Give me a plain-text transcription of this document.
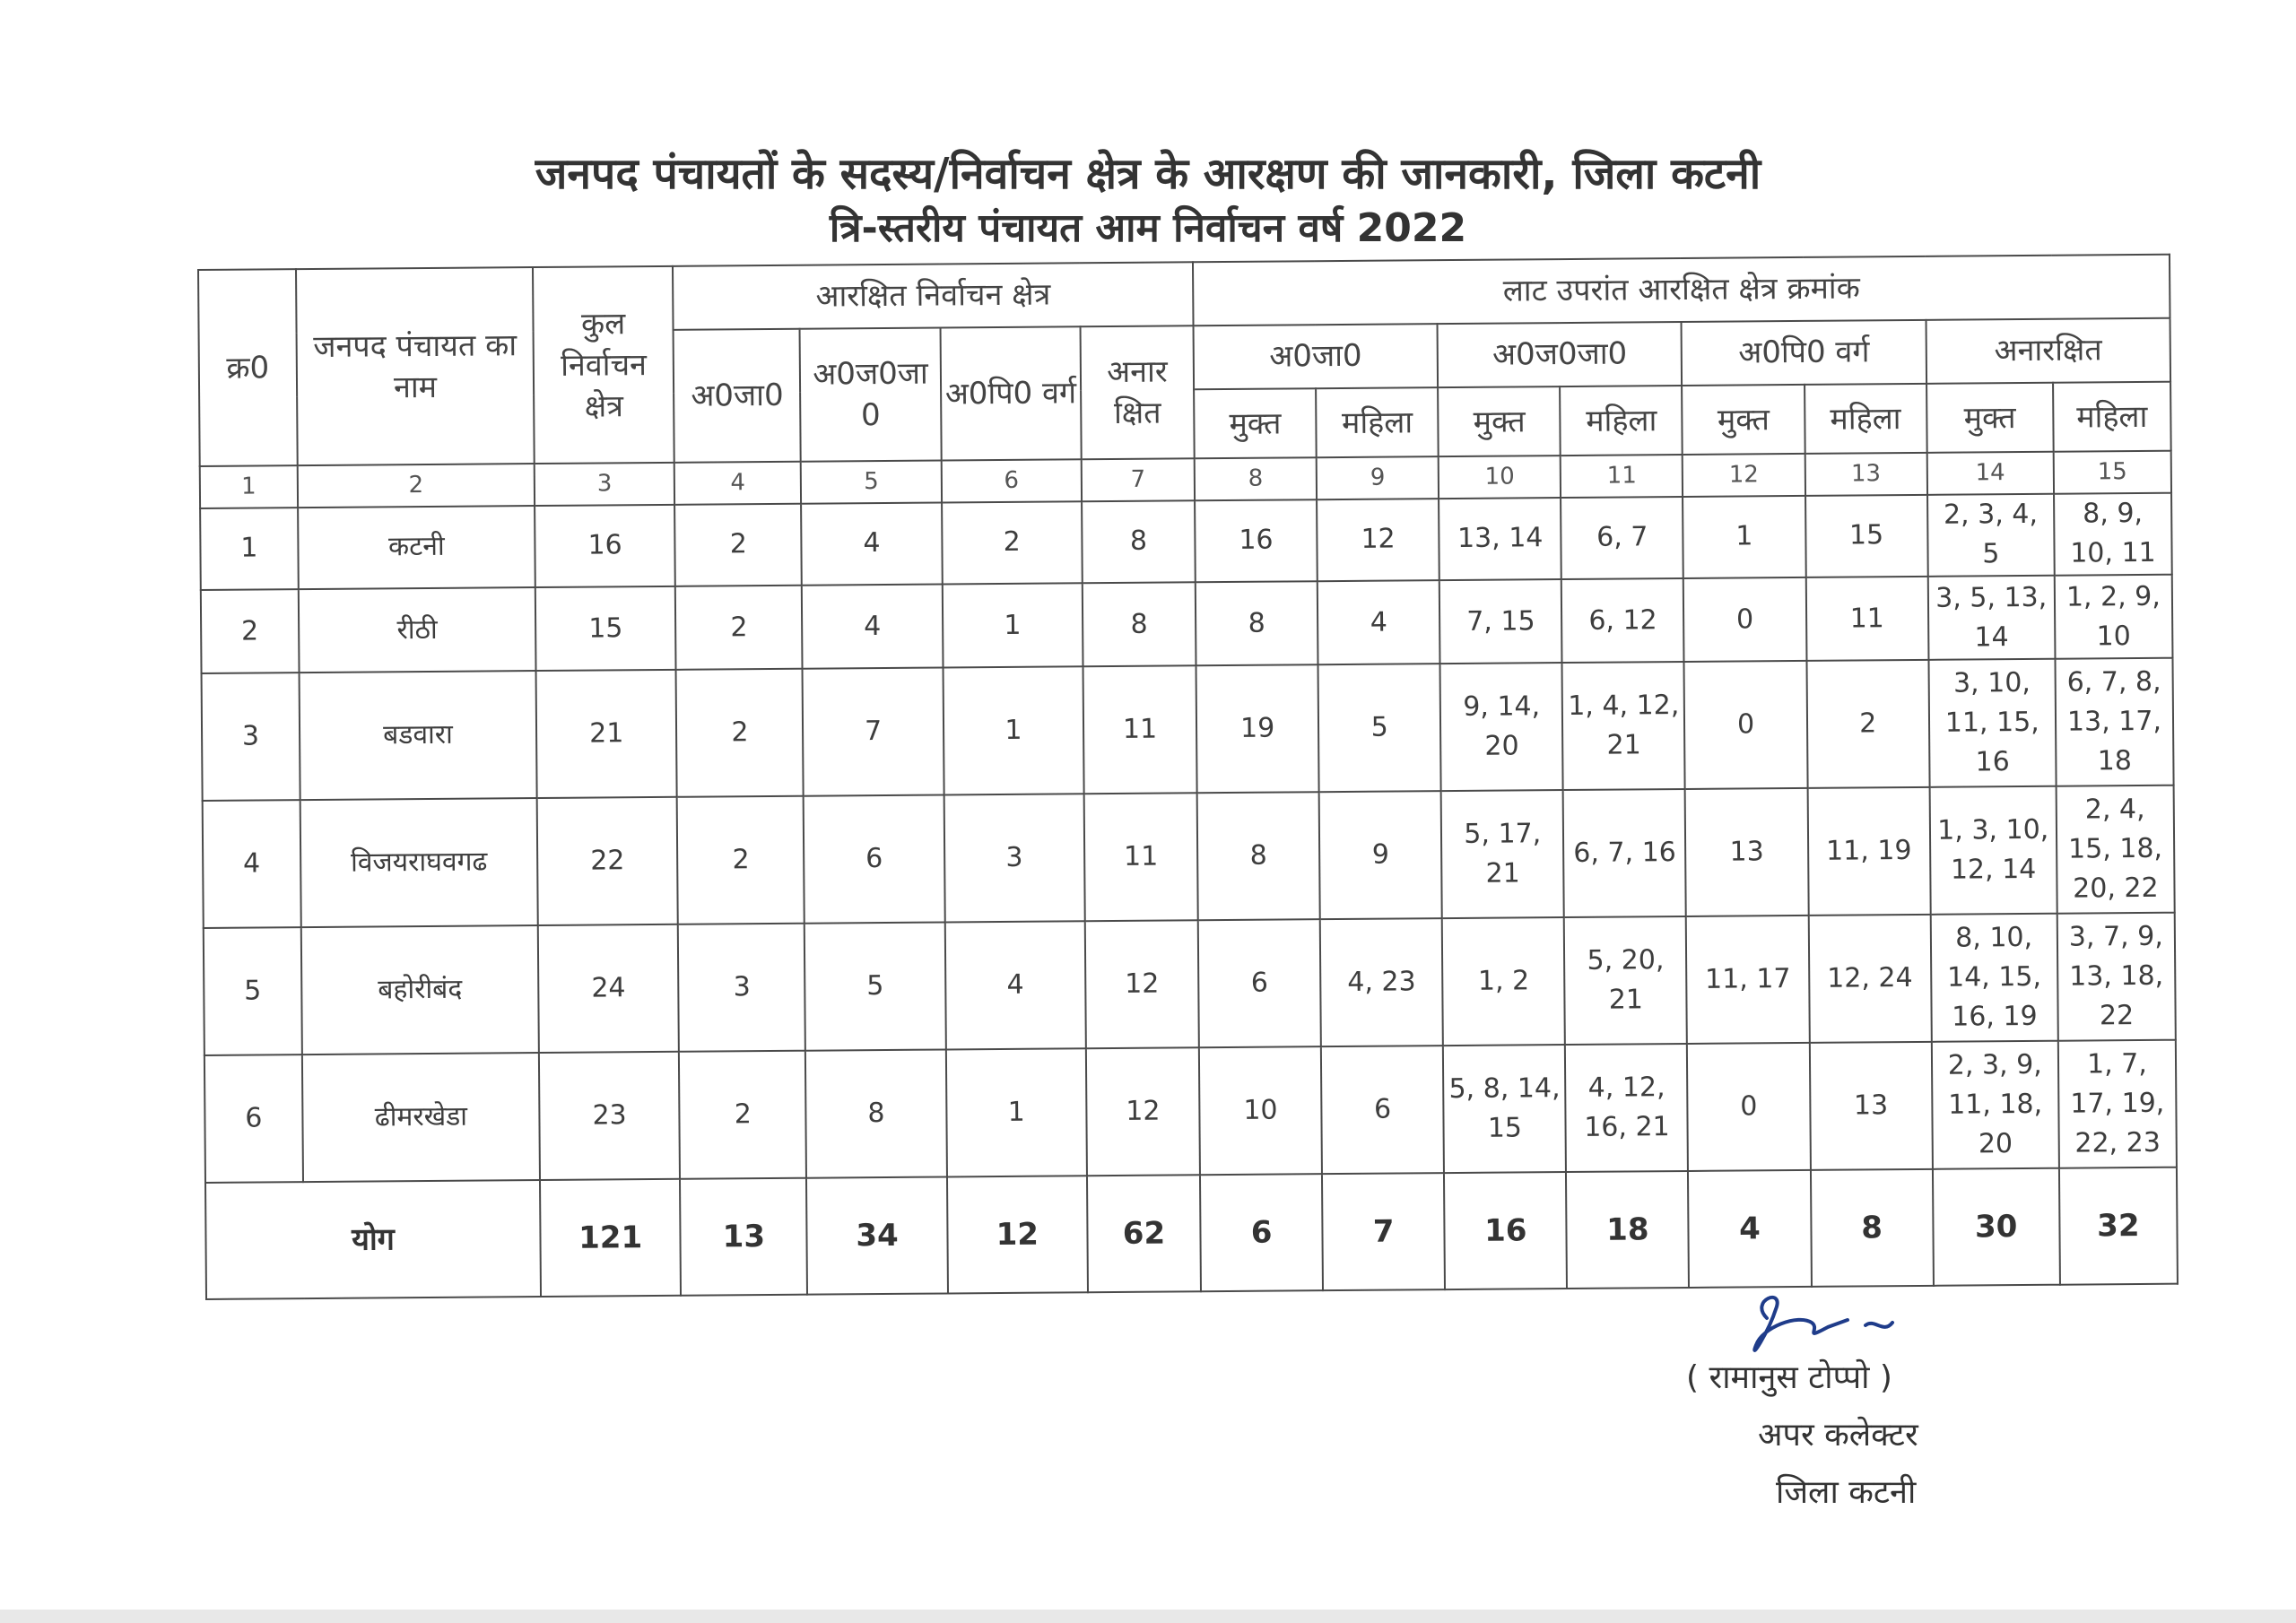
जनपद पंचायतों के सदस्य/निर्वाचन क्षेत्र के आरक्षण की जानकारी, जिला कटनी
त्रि-स्तरीय पंचायत आम निर्वाचन वर्ष 2022
क्र0	जनपद पंचायत का नाम	कुल निर्वाचन क्षेत्र	आरक्षित निर्वाचन क्षेत्र				लाट उपरांत आरक्षित क्षेत्र क्रमांक							
			अ0जा0	अ0ज0जा 0	अ0पि0 वर्ग	अनार क्षित	अ0जा0		अ0ज0जा0		अ0पि0 वर्ग		अनारक्षित	
							मुक्त	महिला	मुक्त	महिला	मुक्त	महिला	मुक्त	महिला
1	2	3	4	5	6	7	8	9	10	11	12	13	14	15
1	कटनी	16	2	4	2	8	16	12	13, 14	6, 7	1	15	2, 3, 4, 5	8, 9, 10, 11
2	रीठी	15	2	4	1	8	8	4	7, 15	6, 12	0	11	3, 5, 13, 14	1, 2, 9, 10
3	बडवारा	21	2	7	1	11	19	5	9, 14, 20	1, 4, 12, 21	0	2	3, 10, 11, 15, 16	6, 7, 8, 13, 17, 18
4	विजयराघवगढ	22	2	6	3	11	8	9	5, 17, 21	6, 7, 16	13	11, 19	1, 3, 10, 12, 14	2, 4, 15, 18, 20, 22
5	बहोरीबंद	24	3	5	4	12	6	4, 23	1, 2	5, 20, 21	11, 17	12, 24	8, 10, 14, 15, 16, 19	3, 7, 9, 13, 18, 22
6	ढीमरखेडा	23	2	8	1	12	10	6	5, 8, 14, 15	4, 12, 16, 21	0	13	2, 3, 9, 11, 18, 20	1, 7, 17, 19, 22, 23
योग		121	13	34	12	62	6	7	16	18	4	8	30	32
( रामानुस टोप्पो )
अपर कलेक्टर
जिला कटनी
